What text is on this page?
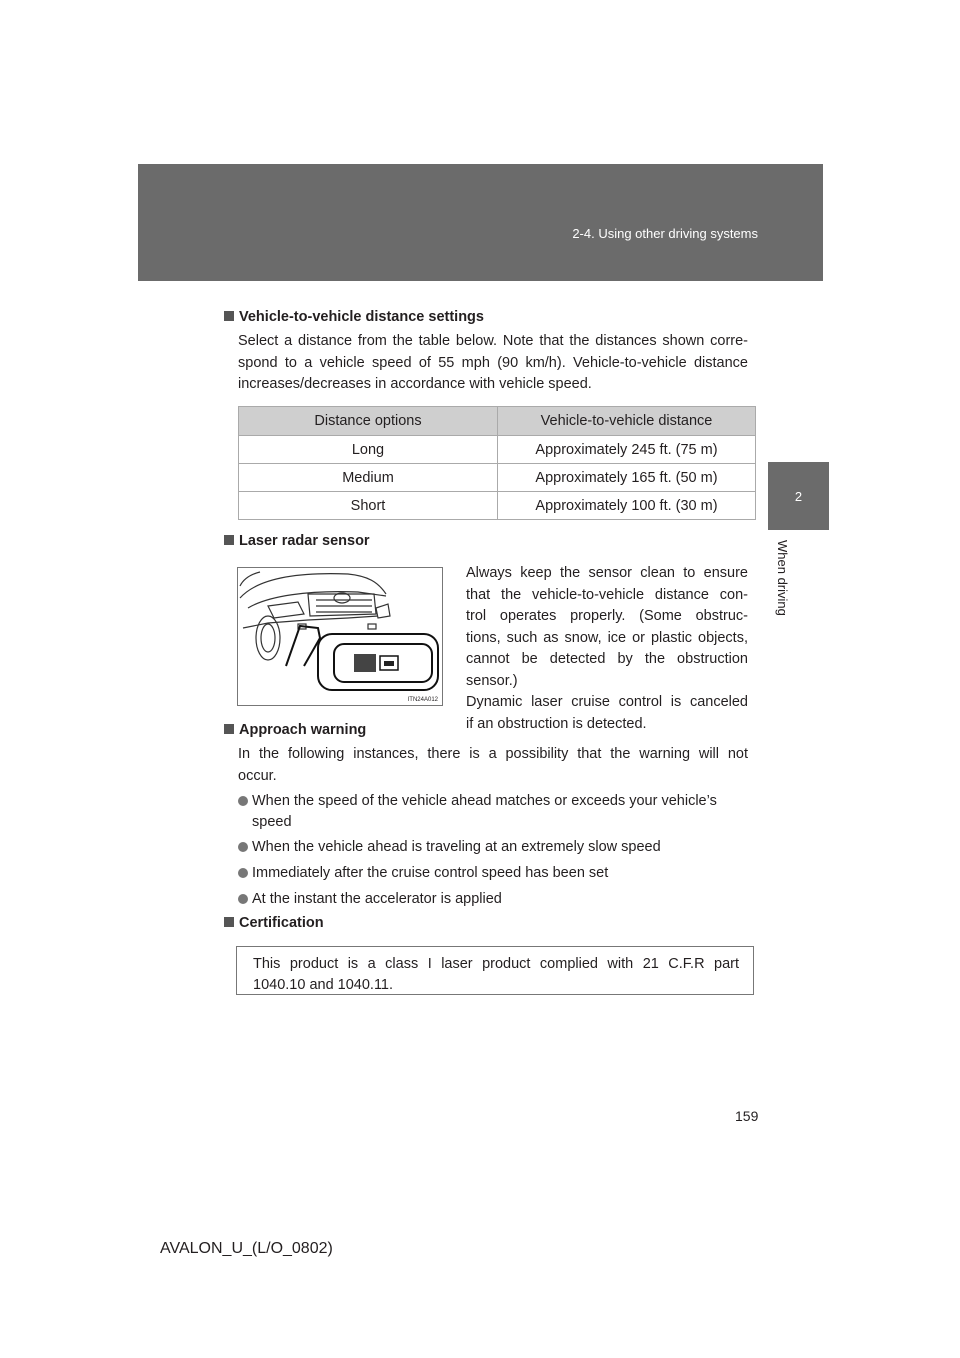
2-4. Using other driving systems
2
When driving
Vehicle-to-vehicle distance settings
Select a distance from the table below. Note that the distances shown corre-
spond to a vehicle speed of 55 mph (90 km/h). Vehicle-to-vehicle distance
increases/decreases in accordance with vehicle speed.
Distance options	Vehicle-to-vehicle distance
Long	Approximately 245 ft. (75 m)
Medium	Approximately 165 ft. (50 m)
Short	Approximately 100 ft. (30 m)
Laser radar sensor
ITN24A012
Always keep the sensor clean to ensure
that the vehicle-to-vehicle distance con-
trol operates properly. (Some obstruc-
tions, such as snow, ice or plastic objects,
cannot be detected by the obstruction
sensor.)
Dynamic laser cruise control is canceled
if an obstruction is detected.
Approach warning
In the following instances, there is a possibility that the warning will not
occur.
When the speed of the vehicle ahead matches or exceeds your vehicle’s
speed
When the vehicle ahead is traveling at an extremely slow speed
Immediately after the cruise control speed has been set
At the instant the accelerator is applied
Certification
This product is a class I laser product complied with 21 C.F.R part
1040.10 and 1040.11.
159
AVALON_U_(L/O_0802)
